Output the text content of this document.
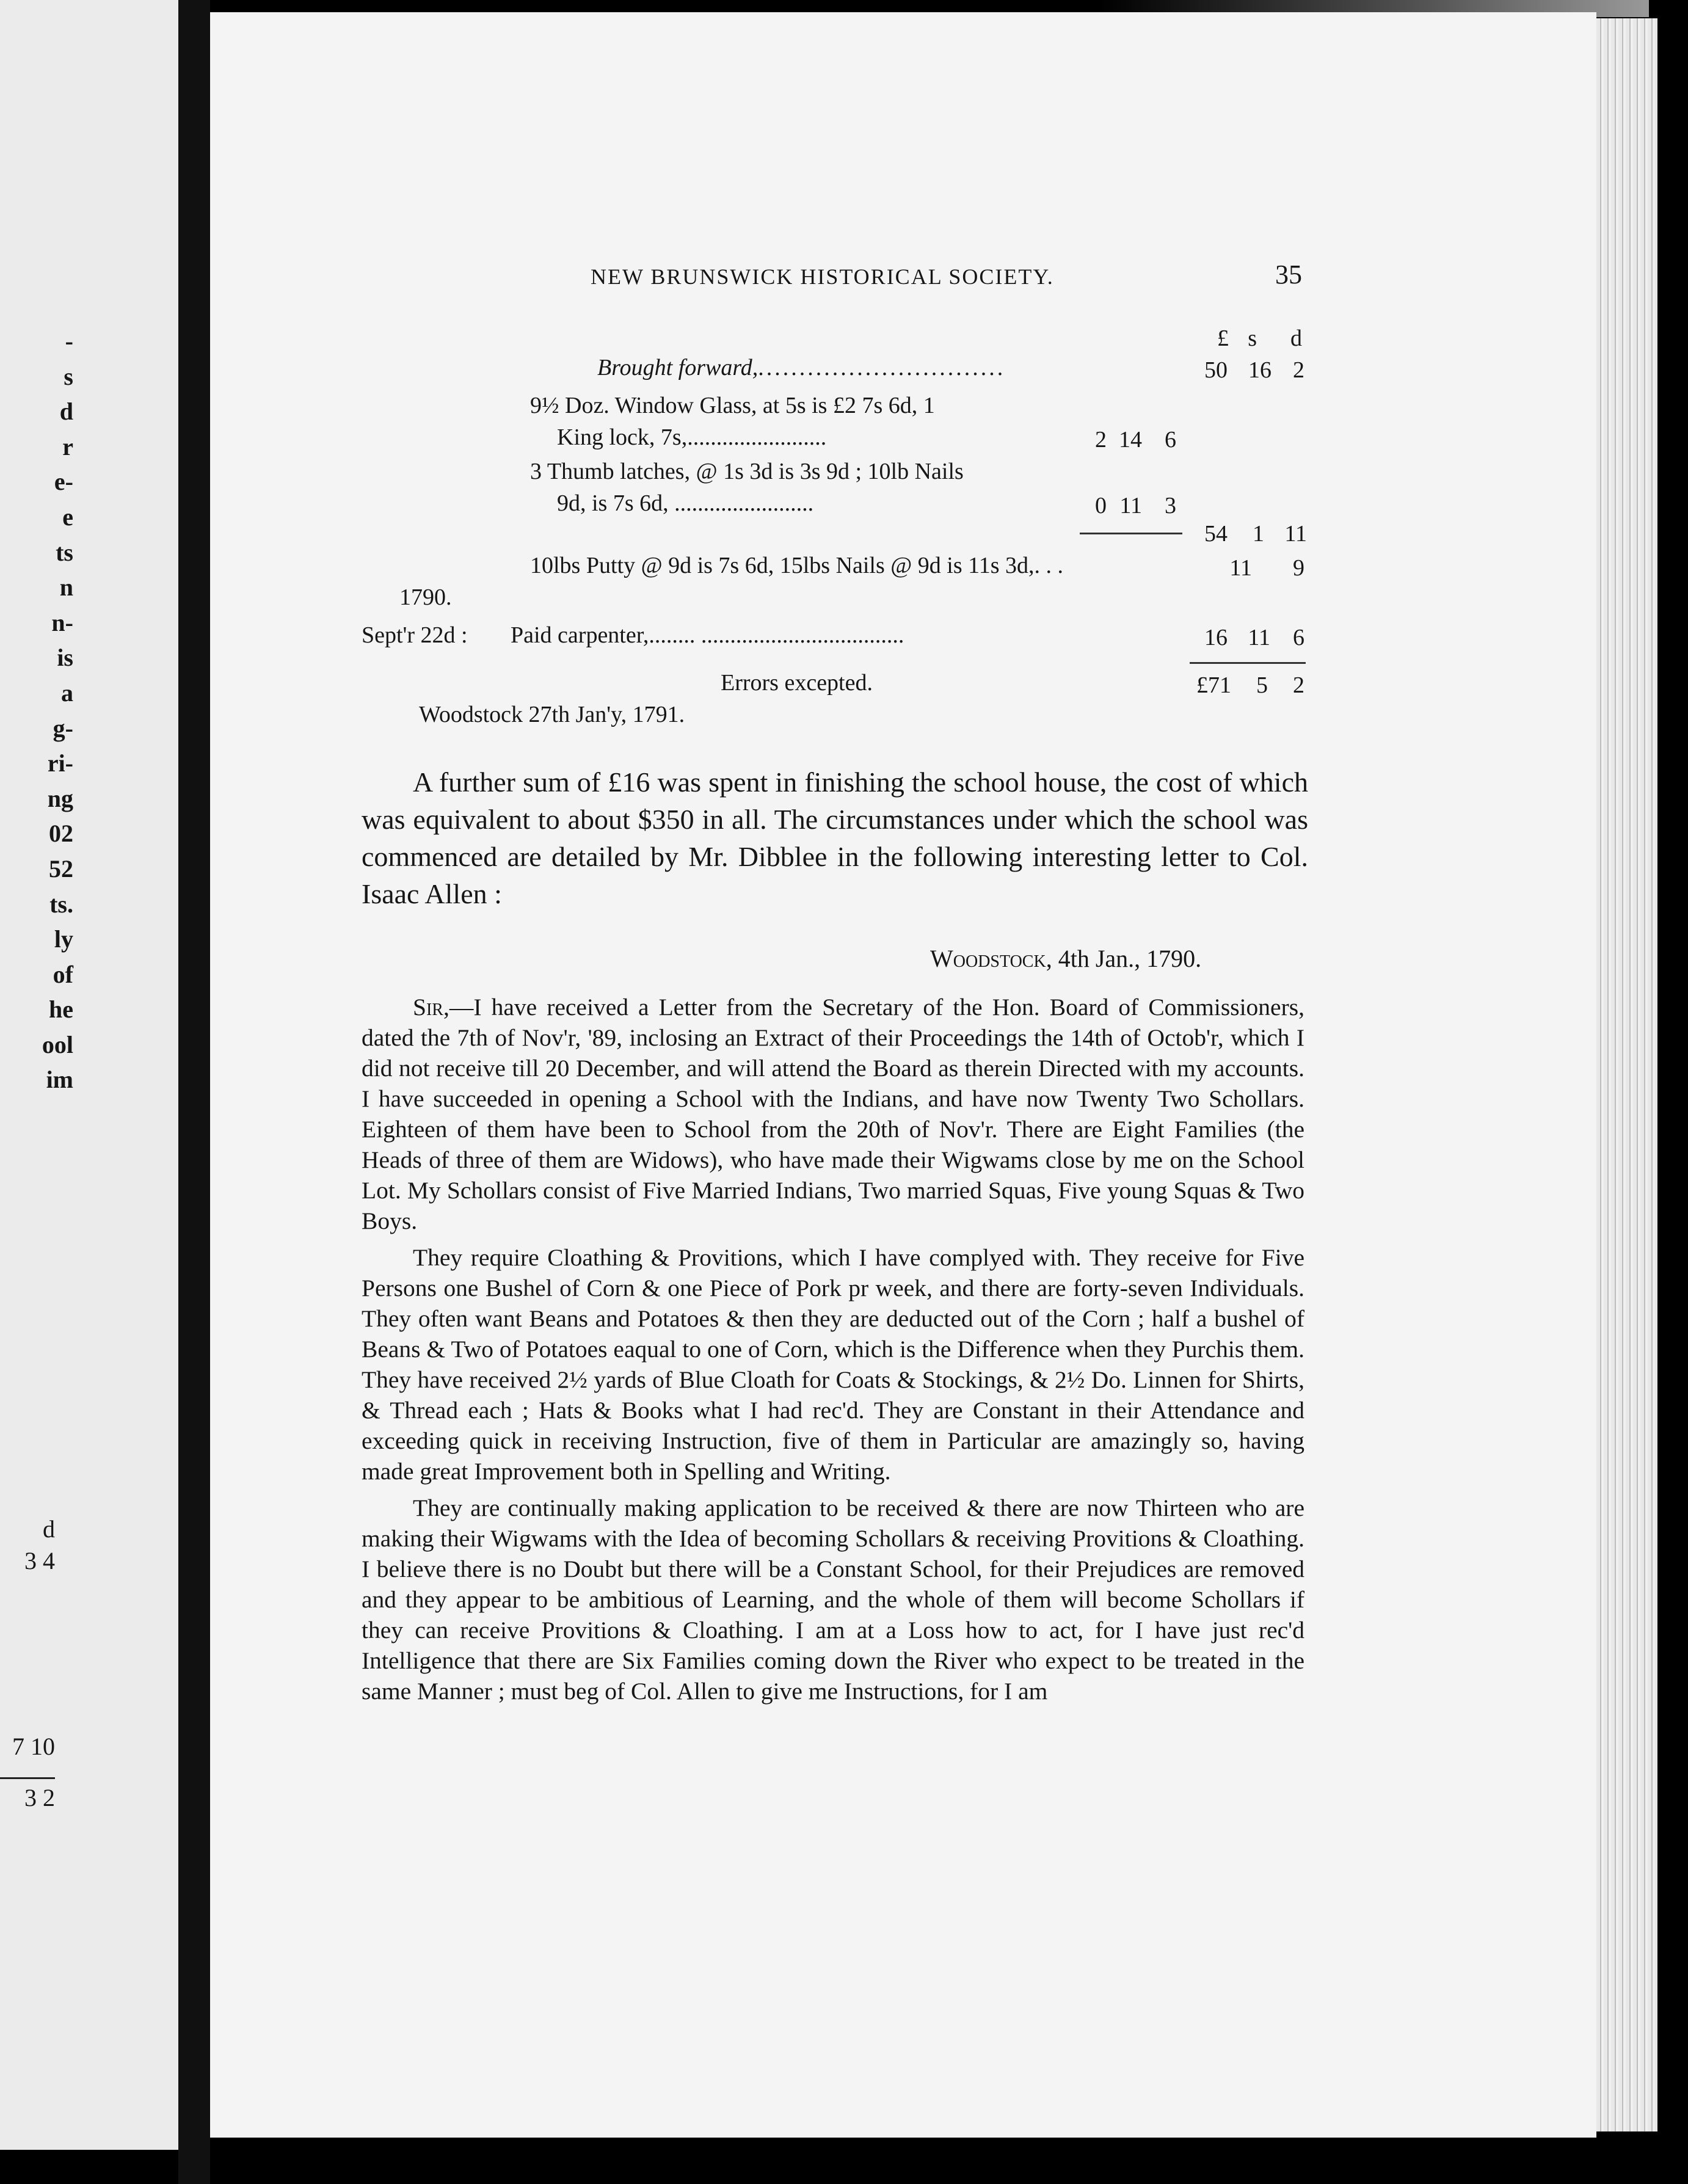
-
s
d
r
e-
e
ts
n
n-
is
a
g-
ri-
ng
02
52
ts.
ly
of
he
ool
im
d
3 4
7 10
3 2
NEW BRUNSWICK HISTORICAL SOCIETY.	35
£ s d
Brought forward,..............................	50 16 2
9½ Doz. Window Glass, at 5s is £2 7s 6d, 1
King lock, 7s,........................	2 14 6
3 Thumb latches, @ 1s 3d is 3s 9d ; 10lb Nails
9d, is 7s 6d, ........................	0 11 3
54	1 11
10lbs Putty @ 9d is 7s 6d, 15lbs Nails @ 9d is 11s 3d,. . .	11	9
1790.
Sept'r 22d : Paid carpenter,........ ...................................	16 11 6
Errors excepted.	£71	5	2
Woodstock 27th Jan'y, 1791.

A further sum of £16 was spent in finishing the school house, the cost of which was equivalent to about $350 in all. The circumstances under which the school was commenced are detailed by Mr. Dibblee in the following interesting letter to Col. Isaac Allen :

Woodstock, 4th Jan., 1790.

Sir,—I have received a Letter from the Secretary of the Hon. Board of Commissioners, dated the 7th of Nov'r, '89, inclosing an Extract of their Proceedings the 14th of Octob'r, which I did not receive till 20 December, and will attend the Board as therein Directed with my accounts. I have succeeded in opening a School with the Indians, and have now Twenty Two Schollars. Eighteen of them have been to School from the 20th of Nov'r. There are Eight Families (the Heads of three of them are Widows), who have made their Wigwams close by me on the School Lot. My Schollars consist of Five Married Indians, Two married Squas, Five young Squas & Two Boys.

They require Cloathing & Provitions, which I have complyed with. They receive for Five Persons one Bushel of Corn & one Piece of Pork pr week, and there are forty-seven Individuals. They often want Beans and Potatoes & then they are deducted out of the Corn ; half a bushel of Beans & Two of Potatoes eaqual to one of Corn, which is the Difference when they Purchis them. They have received 2½ yards of Blue Cloath for Coats & Stockings, & 2½ Do. Linnen for Shirts, & Thread each ; Hats & Books what I had rec'd. They are Constant in their Attendance and exceeding quick in receiving Instruction, five of them in Particular are amazingly so, having made great Improvement both in Spelling and Writing.

They are continually making application to be received & there are now Thirteen who are making their Wigwams with the Idea of becoming Schollars & receiving Provitions & Cloathing. I believe there is no Doubt but there will be a Constant School, for their Prejudices are removed and they appear to be ambitious of Learning, and the whole of them will become Schollars if they can receive Provitions & Cloathing. I am at a Loss how to act, for I have just rec'd Intelligence that there are Six Families coming down the River who expect to be treated in the same Manner ; must beg of Col. Allen to give me Instructions, for I am
